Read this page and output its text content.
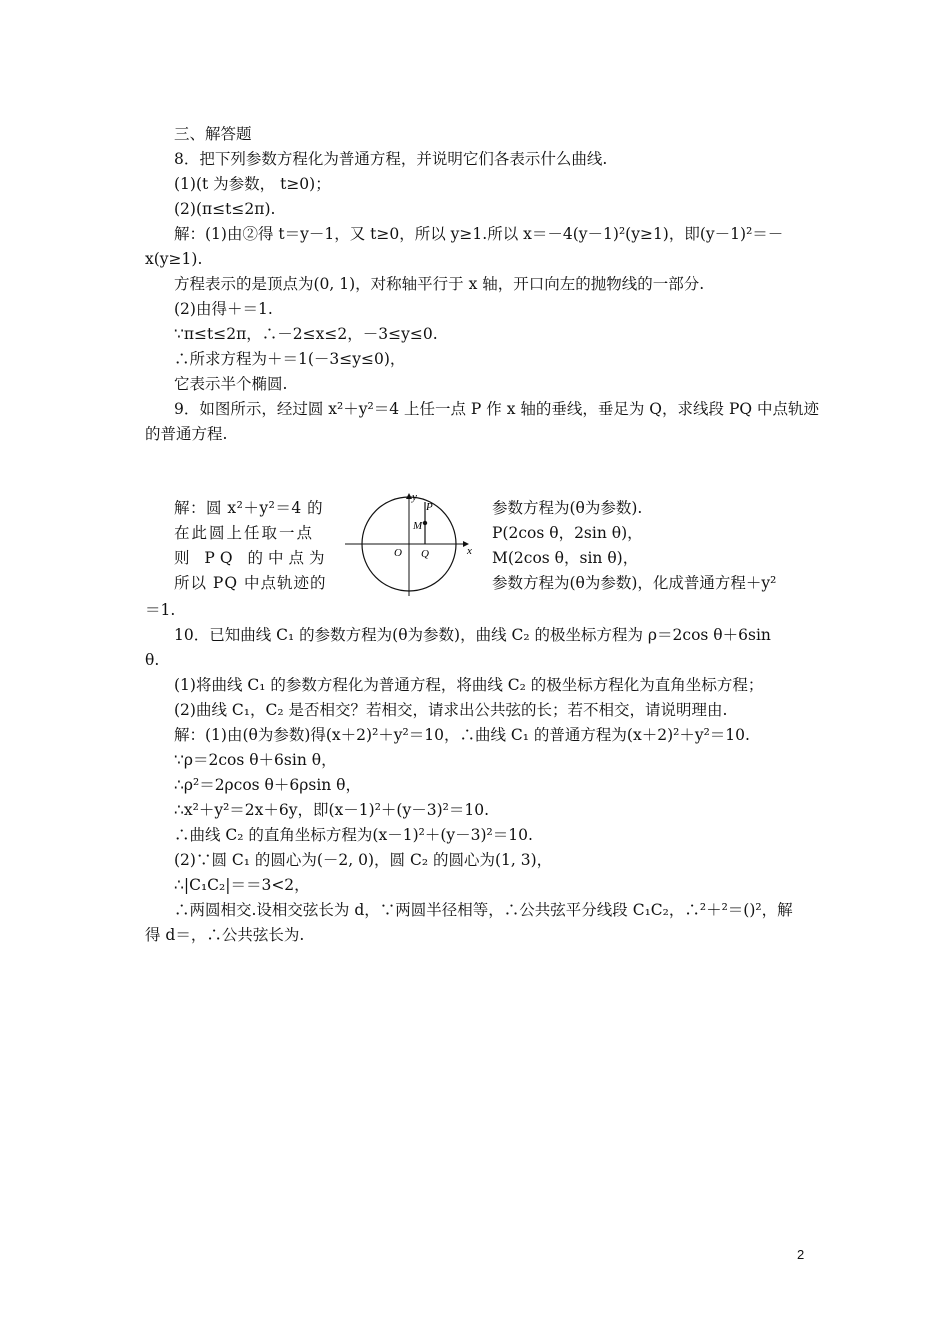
三、解答题
8．把下列参数方程化为普通方程，并说明它们各表示什么曲线.
(1)(t 为参数， t≥0)；
(2)(π≤t≤2π).
解：(1)由②得 t＝y－1，又 t≥0，所以 y≥1.所以 x＝－4(y－1)²(y≥1)，即(y－1)²＝－
x(y≥1).
方程表示的是顶点为(0, 1)，对称轴平行于 x 轴，开口向左的抛物线的一部分.
(2)由得＋＝1.
∵π≤t≤2π，∴－2≤x≤2，－3≤y≤0.
∴所求方程为＋＝1(－3≤y≤0)，
它表示半个椭圆.
9．如图所示，经过圆 x²＋y²＝4 上任一点 P 作 x 轴的垂线，垂足为 Q，求线段 PQ 中点轨迹
的普通方程.
解：圆 x²＋y²＝4 的
在此圆上任取一点
则 PQ 的中点为
所以 PQ 中点轨迹的
x
y
O
P
M
Q
参数方程为(θ为参数).
P(2cos θ，2sin θ)，
M(2cos θ，sin θ)，
参数方程为(θ为参数)，化成普通方程＋y²
＝1.
10．已知曲线 C₁ 的参数方程为(θ为参数)，曲线 C₂ 的极坐标方程为 ρ＝2cos θ＋6sin
θ.
(1)将曲线 C₁ 的参数方程化为普通方程，将曲线 C₂ 的极坐标方程化为直角坐标方程；
(2)曲线 C₁，C₂ 是否相交？若相交，请求出公共弦的长；若不相交，请说明理由.
解：(1)由(θ为参数)得(x＋2)²＋y²＝10，∴曲线 C₁ 的普通方程为(x＋2)²＋y²＝10.
∵ρ＝2cos θ＋6sin θ，
∴ρ²＝2ρcos θ＋6ρsin θ，
∴x²＋y²＝2x＋6y，即(x－1)²＋(y－3)²＝10.
∴曲线 C₂ 的直角坐标方程为(x－1)²＋(y－3)²＝10.
(2)∵圆 C₁ 的圆心为(－2, 0)，圆 C₂ 的圆心为(1, 3)，
∴|C₁C₂|＝＝3<2，
∴两圆相交.设相交弦长为 d，∵两圆半径相等，∴公共弦平分线段 C₁C₂，∴²＋²＝()²，解
得 d＝，∴公共弦长为.
2
